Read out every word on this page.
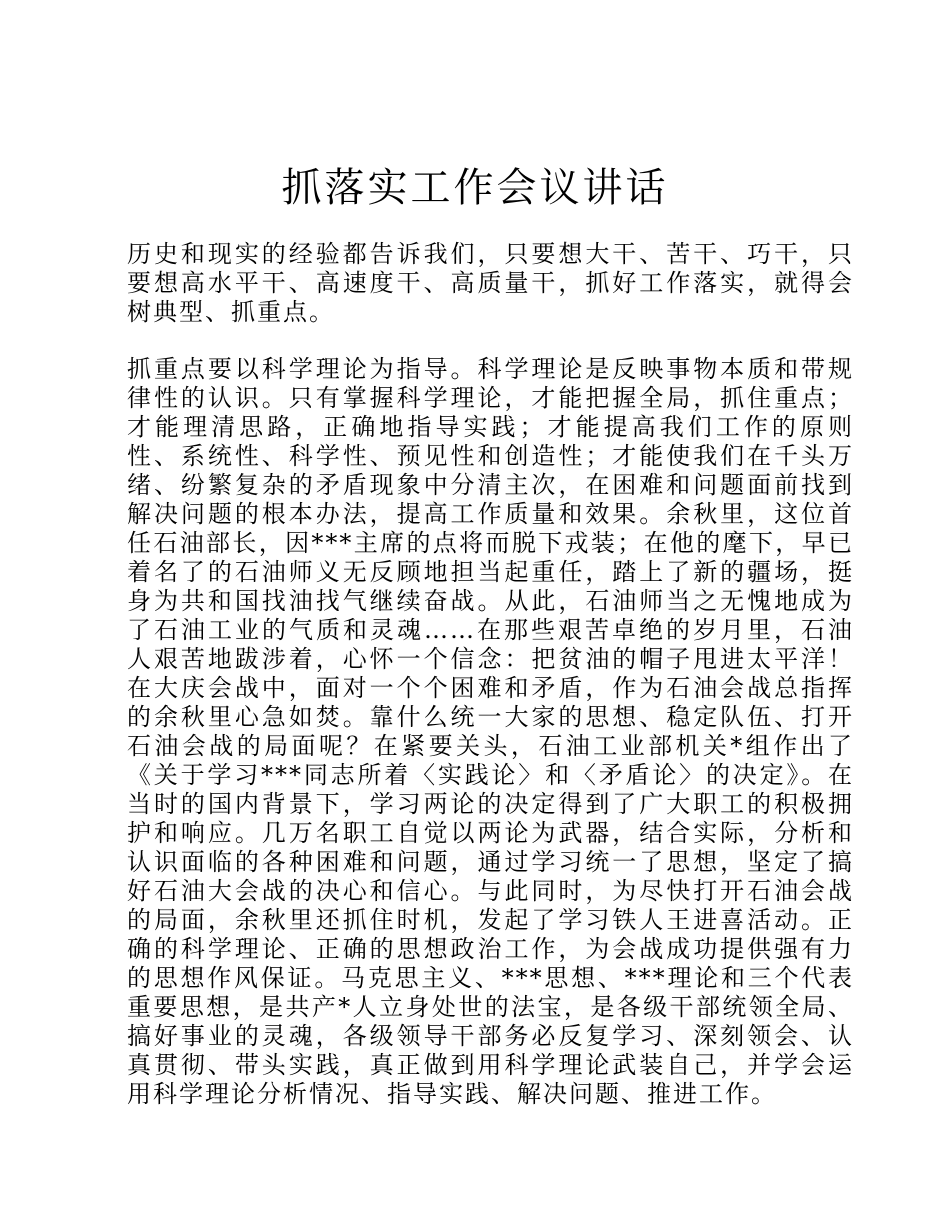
抓落实工作会议讲话

历史和现实的经验都告诉我们，只要想大干、苦干、巧干，只要想高水平干、高速度干、高质量干，抓好工作落实，就得会树典型、抓重点。

抓重点要以科学理论为指导。科学理论是反映事物本质和带规律性的认识。只有掌握科学理论，才能把握全局，抓住重点；才能理清思路，正确地指导实践；才能提高我们工作的原则性、系统性、科学性、预见性和创造性；才能使我们在千头万绪、纷繁复杂的矛盾现象中分清主次，在困难和问题面前找到解决问题的根本办法，提高工作质量和效果。余秋里，这位首任石油部长，因***主席的点将而脱下戎装；在他的麾下，早已着名了的石油师义无反顾地担当起重任，踏上了新的疆场，挺身为共和国找油找气继续奋战。从此，石油师当之无愧地成为了石油工业的气质和灵魂……在那些艰苦卓绝的岁月里，石油人艰苦地跋涉着，心怀一个信念：把贫油的帽子甩进太平洋！在大庆会战中，面对一个个困难和矛盾，作为石油会战总指挥的余秋里心急如焚。靠什么统一大家的思想、稳定队伍、打开石油会战的局面呢？在紧要关头，石油工业部机关*组作出了《关于学习***同志所着〈实践论〉和〈矛盾论〉的决定》。在当时的国内背景下，学习两论的决定得到了广大职工的积极拥护和响应。几万名职工自觉以两论为武器，结合实际，分析和认识面临的各种困难和问题，通过学习统一了思想，坚定了搞好石油大会战的决心和信心。与此同时，为尽快打开石油会战的局面，余秋里还抓住时机，发起了学习铁人王进喜活动。正确的科学理论、正确的思想政治工作，为会战成功提供强有力的思想作风保证。马克思主义、***思想、***理论和三个代表重要思想，是共产*人立身处世的法宝，是各级干部统领全局、搞好事业的灵魂，各级领导干部务必反复学习、深刻领会、认真贯彻、带头实践，真正做到用科学理论武装自己，并学会运用科学理论分析情况、指导实践、解决问题、推进工作。
